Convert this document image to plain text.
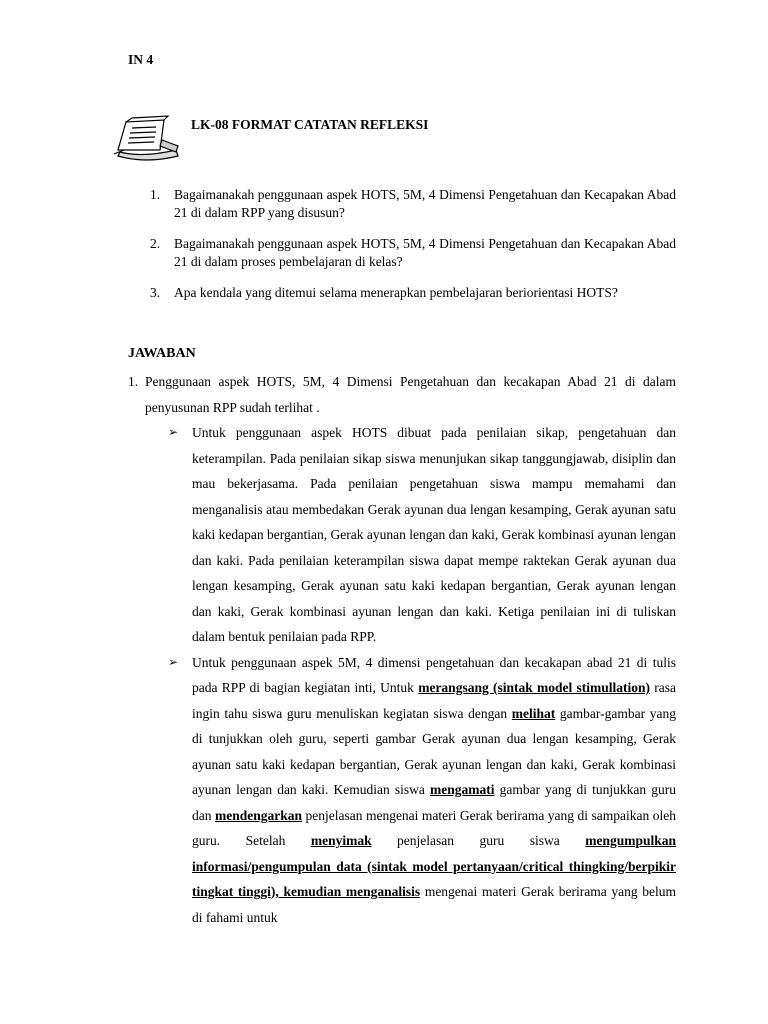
IN 4
LK-08 FORMAT CATATAN REFLEKSI
1.	Bagaimanakah penggunaan aspek HOTS, 5M, 4 Dimensi Pengetahuan dan Kecapakan Abad 21 di dalam RPP yang disusun?
2.	Bagaimanakah penggunaan aspek HOTS, 5M, 4 Dimensi Pengetahuan dan Kecapakan Abad 21 di dalam proses pembelajaran di kelas?
3.	Apa kendala yang ditemui selama menerapkan pembelajaran beriorientasi HOTS?
JAWABAN
1. Penggunaan aspek HOTS, 5M, 4 Dimensi Pengetahuan dan kecakapan Abad 21 di dalam penyusunan RPP sudah terlihat .
➢	Untuk penggunaan aspek HOTS dibuat pada penilaian sikap, pengetahuan dan keterampilan. Pada penilaian sikap siswa menunjukan sikap tanggungjawab, disiplin dan mau bekerjasama. Pada penilaian pengetahuan siswa mampu memahami dan menganalisis atau membedakan Gerak ayunan dua lengan kesamping, Gerak ayunan satu kaki kedapan bergantian, Gerak ayunan lengan dan kaki, Gerak kombinasi ayunan lengan dan kaki. Pada penilaian keterampilan siswa dapat mempe raktekan Gerak ayunan dua lengan kesamping, Gerak ayunan satu kaki kedapan bergantian, Gerak ayunan lengan dan kaki, Gerak kombinasi ayunan lengan dan kaki. Ketiga penilaian ini di tuliskan dalam bentuk penilaian pada RPP.
➢	Untuk penggunaan aspek 5M, 4 dimensi pengetahuan dan kecakapan abad 21 di tulis pada RPP di bagian kegiatan inti, Untuk merangsang (sintak model stimullation) rasa ingin tahu siswa guru menuliskan kegiatan siswa dengan melihat gambar-gambar yang di tunjukkan oleh guru, seperti gambar Gerak ayunan dua lengan kesamping, Gerak ayunan satu kaki kedapan bergantian, Gerak ayunan lengan dan kaki, Gerak kombinasi ayunan lengan dan kaki. Kemudian siswa mengamati gambar yang di tunjukkan guru dan mendengarkan penjelasan mengenai materi Gerak berirama yang di sampaikan oleh guru. Setelah menyimak penjelasan guru siswa mengumpulkan informasi/pengumpulan data (sintak model pertanyaan/critical thingking/berpikir tingkat tinggi), kemudian menganalisis mengenai materi Gerak berirama yang belum di fahami untuk
